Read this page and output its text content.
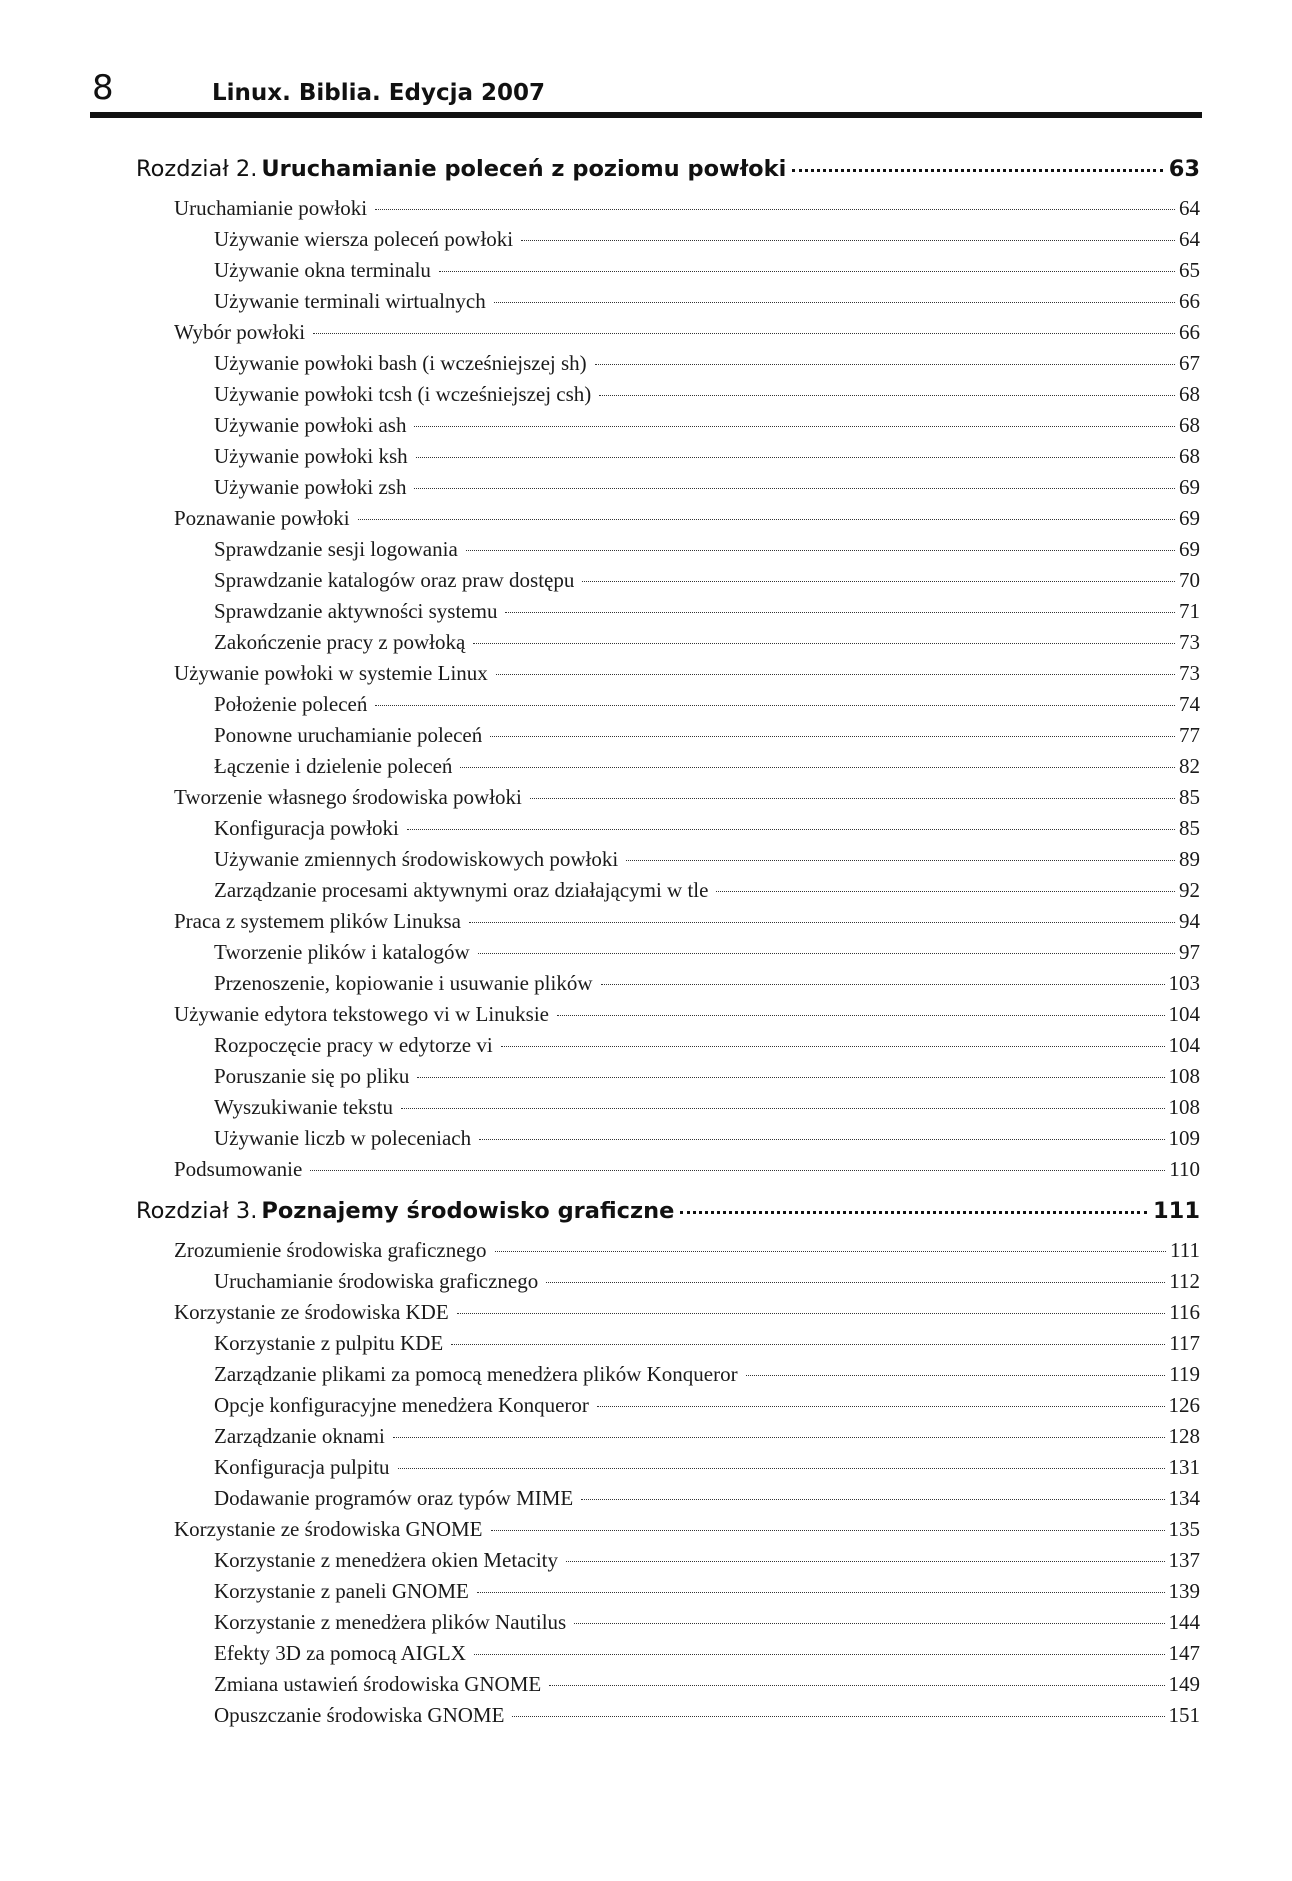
8	Linux. Biblia. Edycja 2007
Rozdział 2. Uruchamianie poleceń z poziomu powłoki	63
Uruchamianie powłoki	64
Używanie wiersza poleceń powłoki	64
Używanie okna terminalu	65
Używanie terminali wirtualnych	66
Wybór powłoki	66
Używanie powłoki bash (i wcześniejszej sh)	67
Używanie powłoki tcsh (i wcześniejszej csh)	68
Używanie powłoki ash	68
Używanie powłoki ksh	68
Używanie powłoki zsh	69
Poznawanie powłoki	69
Sprawdzanie sesji logowania	69
Sprawdzanie katalogów oraz praw dostępu	70
Sprawdzanie aktywności systemu	71
Zakończenie pracy z powłoką	73
Używanie powłoki w systemie Linux	73
Położenie poleceń	74
Ponowne uruchamianie poleceń	77
Łączenie i dzielenie poleceń	82
Tworzenie własnego środowiska powłoki	85
Konfiguracja powłoki	85
Używanie zmiennych środowiskowych powłoki	89
Zarządzanie procesami aktywnymi oraz działającymi w tle	92
Praca z systemem plików Linuksa	94
Tworzenie plików i katalogów	97
Przenoszenie, kopiowanie i usuwanie plików	103
Używanie edytora tekstowego vi w Linuksie	104
Rozpoczęcie pracy w edytorze vi	104
Poruszanie się po pliku	108
Wyszukiwanie tekstu	108
Używanie liczb w poleceniach	109
Podsumowanie	110
Rozdział 3. Poznajemy środowisko graficzne	111
Zrozumienie środowiska graficznego	111
Uruchamianie środowiska graficznego	112
Korzystanie ze środowiska KDE	116
Korzystanie z pulpitu KDE	117
Zarządzanie plikami za pomocą menedżera plików Konqueror	119
Opcje konfiguracyjne menedżera Konqueror	126
Zarządzanie oknami	128
Konfiguracja pulpitu	131
Dodawanie programów oraz typów MIME	134
Korzystanie ze środowiska GNOME	135
Korzystanie z menedżera okien Metacity	137
Korzystanie z paneli GNOME	139
Korzystanie z menedżera plików Nautilus	144
Efekty 3D za pomocą AIGLX	147
Zmiana ustawień środowiska GNOME	149
Opuszczanie środowiska GNOME	151
